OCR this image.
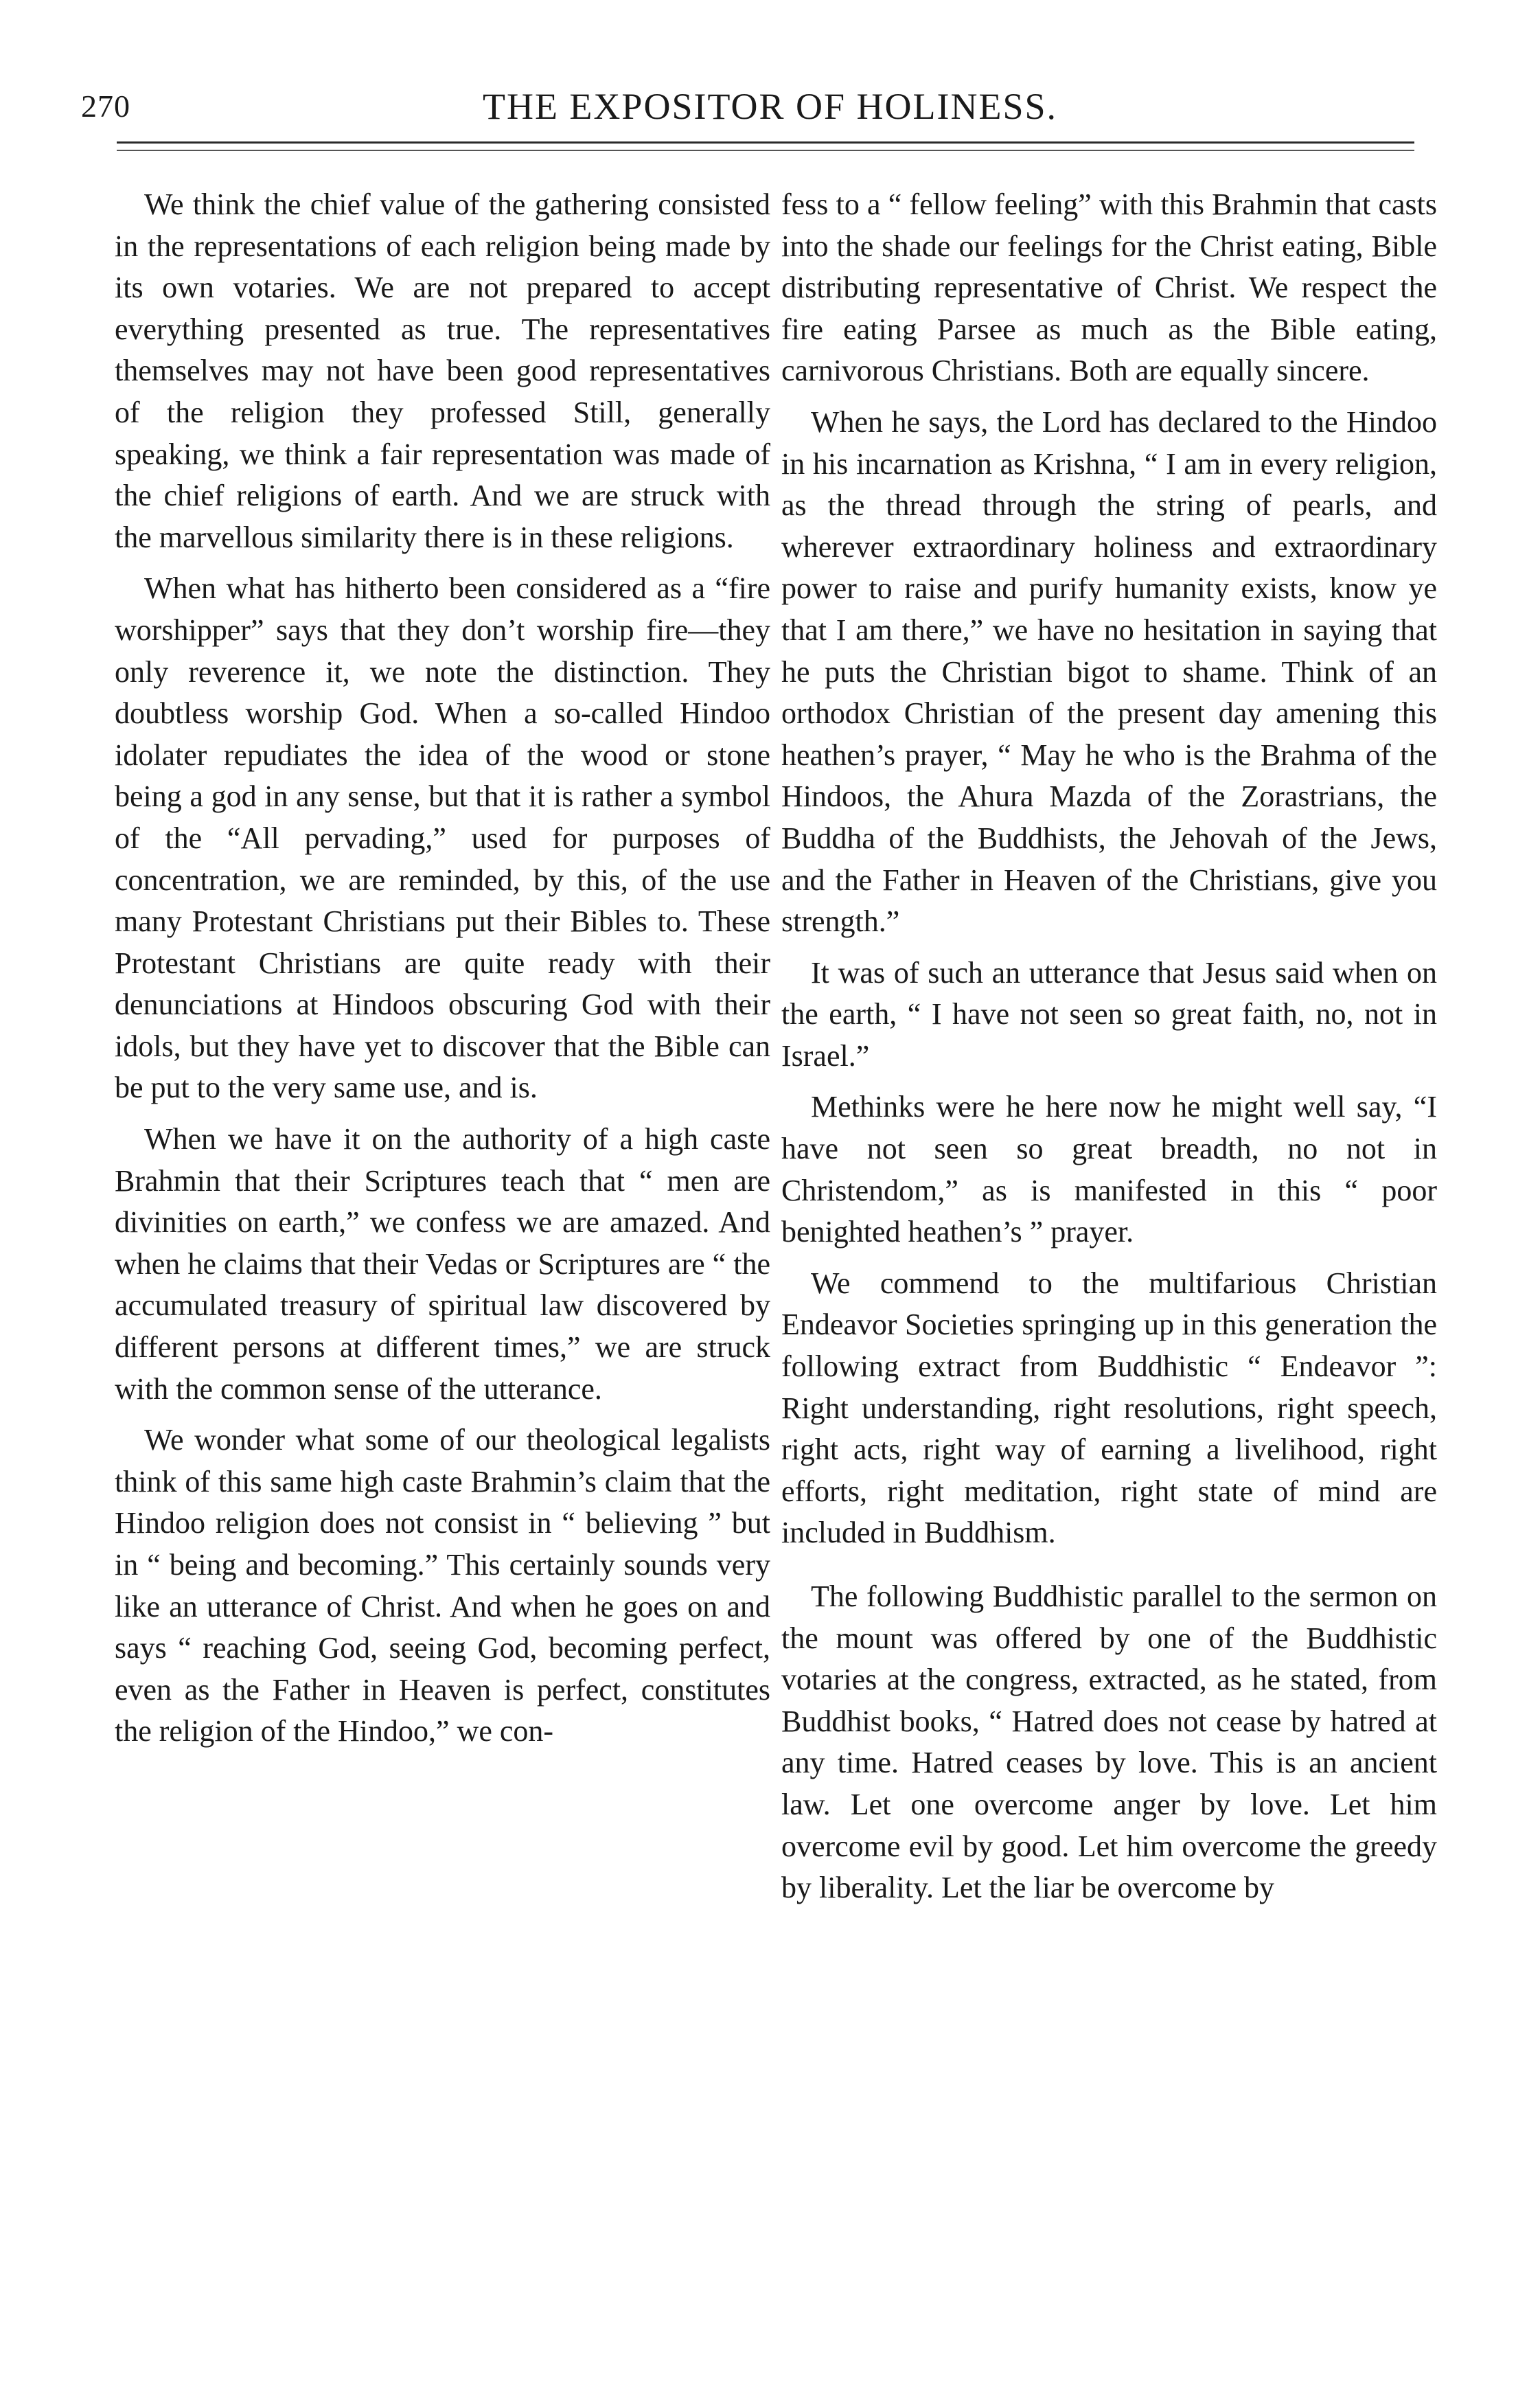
270	THE EXPOSITOR OF HOLINESS.

We think the chief value of the gathering consisted in the representations of each religion being made by its own votaries. We are not prepared to accept everything presented as true. The representatives themselves may not have been good representatives of the religion they professed Still, generally speaking, we think a fair representation was made of the chief religions of earth. And we are struck with the marvellous similarity there is in these religions.

When what has hitherto been considered as a “fire worshipper” says that they don’t worship fire—they only reverence it, we note the distinction. They doubtless worship God. When a so-called Hindoo idolater repudiates the idea of the wood or stone being a god in any sense, but that it is rather a symbol of the “All pervading,” used for purposes of concentration, we are reminded, by this, of the use many Protestant Christians put their Bibles to. These Protestant Christians are quite ready with their denunciations at Hindoos obscuring God with their idols, but they have yet to discover that the Bible can be put to the very same use, and is.

When we have it on the authority of a high caste Brahmin that their Scriptures teach that “ men are divinities on earth,” we confess we are amazed. And when he claims that their Vedas or Scriptures are “ the accumulated treasury of spiritual law discovered by different persons at different times,” we are struck with the common sense of the utterance.

We wonder what some of our theological legalists think of this same high caste Brahmin’s claim that the Hindoo religion does not consist in “ believing ” but in “ being and becoming.” This certainly sounds very like an utterance of Christ. And when he goes on and says “ reaching God, seeing God, becoming perfect, even as the Father in Heaven is perfect, constitutes the religion of the Hindoo,” we con-

fess to a “ fellow feeling” with this Brahmin that casts into the shade our feelings for the Christ eating, Bible distributing representative of Christ. We respect the fire eating Parsee as much as the Bible eating, carnivorous Christians. Both are equally sincere.

When he says, the Lord has declared to the Hindoo in his incarnation as Krishna, “ I am in every religion, as the thread through the string of pearls, and wherever extraordinary holiness and extraordinary power to raise and purify humanity exists, know ye that I am there,” we have no hesitation in saying that he puts the Christian bigot to shame. Think of an orthodox Christian of the present day amening this heathen’s prayer, “ May he who is the Brahma of the Hindoos, the Ahura Mazda of the Zorastrians, the Buddha of the Buddhists, the Jehovah of the Jews, and the Father in Heaven of the Christians, give you strength.”

It was of such an utterance that Jesus said when on the earth, “ I have not seen so great faith, no, not in Israel.”

Methinks were he here now he might well say, “I have not seen so great breadth, no not in Christendom,” as is manifested in this “ poor benighted heathen’s ” prayer.

We commend to the multifarious Christian Endeavor Societies springing up in this generation the following extract from Buddhistic “ Endeavor ”: Right understanding, right resolutions, right speech, right acts, right way of earning a livelihood, right efforts, right meditation, right state of mind are included in Buddhism.

The following Buddhistic parallel to the sermon on the mount was offered by one of the Buddhistic votaries at the congress, extracted, as he stated, from Buddhist books, “ Hatred does not cease by hatred at any time. Hatred ceases by love. This is an ancient law. Let one overcome anger by love. Let him overcome evil by good. Let him overcome the greedy by liberality. Let the liar be overcome by
